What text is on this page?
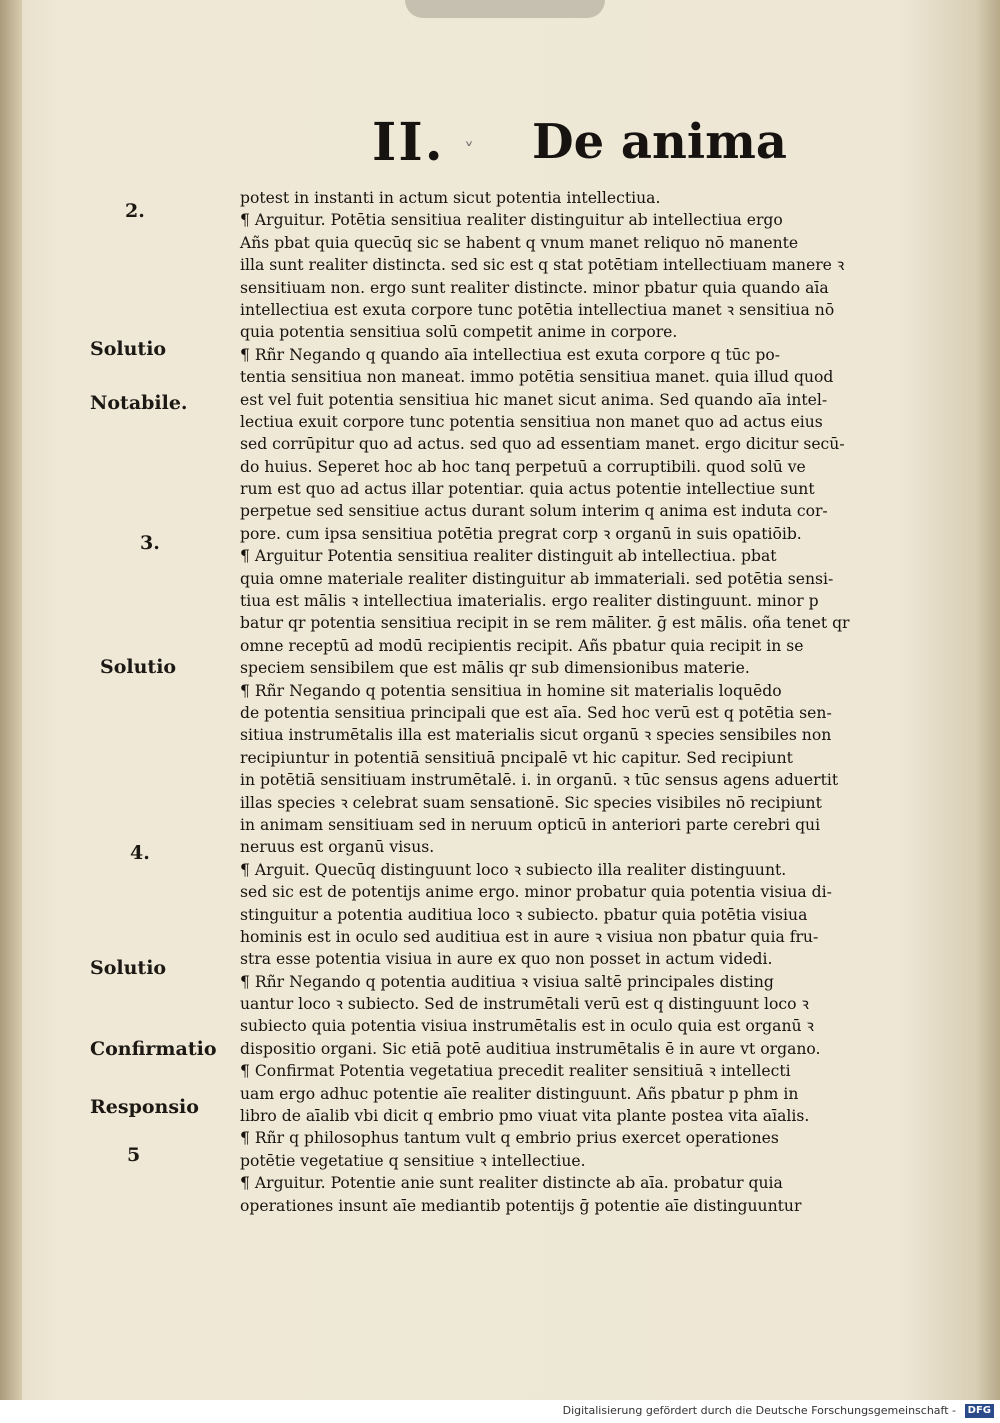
II. ˅ De anima
2.
Solutio
Notabile.
3.
Solutio
4.
Solutio
Confirmatio
Responsio
5
potest in instanti in actum sicut potentia intellectiua.
¶ Arguitur. Potētia sensitiua realiter distinguitur ab intellectiua ergo
Añs pbat quia quecūq sic se habent q vnum manet reliquo nō manente
illa sunt realiter distincta. sed sic est q stat potētiam intellectiuam manere ꝛ
sensitiuam non. ergo sunt realiter distincte. minor pbatur quia quando aīa
intellectiua est exuta corpore tunc potētia intellectiua manet ꝛ sensitiua nō
quia potentia sensitiua solū competit anime in corpore.
¶ Rñr Negando q quando aīa intellectiua est exuta corpore q tūc po-
tentia sensitiua non maneat. immo potētia sensitiua manet. quia illud quod
est vel fuit potentia sensitiua hic manet sicut anima. Sed quando aīa intel-
lectiua exuit corpore tunc potentia sensitiua non manet quo ad actus eius
sed corrūpitur quo ad actus. sed quo ad essentiam manet. ergo dicitur secū-
do huius. Seperet hoc ab hoc tanq perpetuū a corruptibili. quod solū ve
rum est quo ad actus illar potentiar. quia actus potentie intellectiue sunt
perpetue sed sensitiue actus durant solum interim q anima est induta cor-
pore. cum ipsa sensitiua potētia pregrat corp ꝛ organū in suis opatiōib.
¶ Arguitur Potentia sensitiua realiter distinguit ab intellectiua. pbat
quia omne materiale realiter distinguitur ab immateriali. sed potētia sensi-
tiua est mālis ꝛ intellectiua imaterialis. ergo realiter distinguunt. minor p
batur qr potentia sensitiua recipit in se rem māliter. ḡ est mālis. oña tenet qr
omne receptū ad modū recipientis recipit. Añs pbatur quia recipit in se
speciem sensibilem que est mālis qr sub dimensionibus materie.
¶ Rñr Negando q potentia sensitiua in homine sit materialis loquēdo
de potentia sensitiua principali que est aīa. Sed hoc verū est q potētia sen-
sitiua instrumētalis illa est materialis sicut organū ꝛ species sensibiles non
recipiuntur in potentiā sensitiuā pncipalē vt hic capitur. Sed recipiunt
in potētiā sensitiuam instrumētalē. i. in organū. ꝛ tūc sensus agens aduertit
illas species ꝛ celebrat suam sensationē. Sic species visibiles nō recipiunt
in animam sensitiuam sed in neruum opticū in anteriori parte cerebri qui
neruus est organū visus.
¶ Arguit. Quecūq distinguunt loco ꝛ subiecto illa realiter distinguunt.
sed sic est de potentijs anime ergo. minor probatur quia potentia visiua di-
stinguitur a potentia auditiua loco ꝛ subiecto. pbatur quia potētia visiua
hominis est in oculo sed auditiua est in aure ꝛ visiua non pbatur quia fru-
stra esse potentia visiua in aure ex quo non posset in actum videdi.
¶ Rñr Negando q potentia auditiua ꝛ visiua saltē principales disting
uantur loco ꝛ subiecto. Sed de instrumētali verū est q distinguunt loco ꝛ
subiecto quia potentia visiua instrumētalis est in oculo quia est organū ꝛ
dispositio organi. Sic etiā potē auditiua instrumētalis ē in aure vt organo.
¶ Confirmat Potentia vegetatiua precedit realiter sensitiuā ꝛ intellecti
uam ergo adhuc potentie aīe realiter distinguunt. Añs pbatur p phm in
libro de aīalib vbi dicit q embrio pmo viuat vita plante postea vita aīalis.
¶ Rñr q philosophus tantum vult q embrio prius exercet operationes
potētie vegetatiue q sensitiue ꝛ intellectiue.
¶ Arguitur. Potentie anie sunt realiter distincte ab aīa. probatur quia
operationes insunt aīe mediantib potentijs ḡ potentie aīe distinguuntur
Digitalisierung gefördert durch die Deutsche Forschungsgemeinschaft -	DFG
